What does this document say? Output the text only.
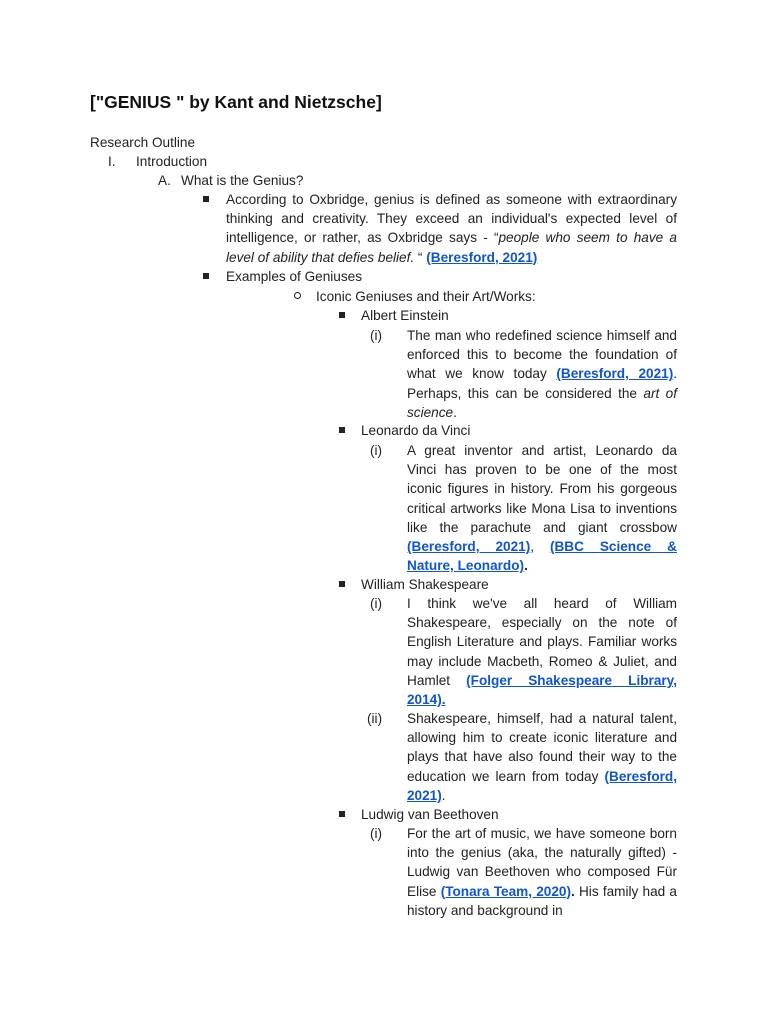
["GENIUS " by Kant and Nietzsche]
Research Outline
I. Introduction
A. What is the Genius?

According to Oxbridge, genius is defined as someone with extraordinary thinking and creativity. They exceed an individual's expected level of intelligence, or rather, as Oxbridge says - “people who seem to have a level of ability that defies belief. “ (Beresford, 2021)

Examples of Geniuses
Iconic Geniuses and their Art/Works:
Albert Einstein
(i) The man who redefined science himself and enforced this to become the foundation of what we know today (Beresford, 2021). Perhaps, this can be considered the art of science.

Leonardo da Vinci
(i) A great inventor and artist, Leonardo da Vinci has proven to be one of the most iconic figures in history. From his gorgeous critical artworks like Mona Lisa to inventions like the parachute and giant crossbow (Beresford, 2021), (BBC Science & Nature, Leonardo).

William Shakespeare
(i) I think we've all heard of William Shakespeare, especially on the note of English Literature and plays. Familiar works may include Macbeth, Romeo & Juliet, and Hamlet (Folger Shakespeare Library, 2014).

(ii) Shakespeare, himself, had a natural talent, allowing him to create iconic literature and plays that have also found their way to the education we learn from today (Beresford, 2021).

Ludwig van Beethoven
(i) For the art of music, we have someone born into the genius (aka, the naturally gifted) - Ludwig van Beethoven who composed Für Elise (Tonara Team, 2020). His family had a history and background in
